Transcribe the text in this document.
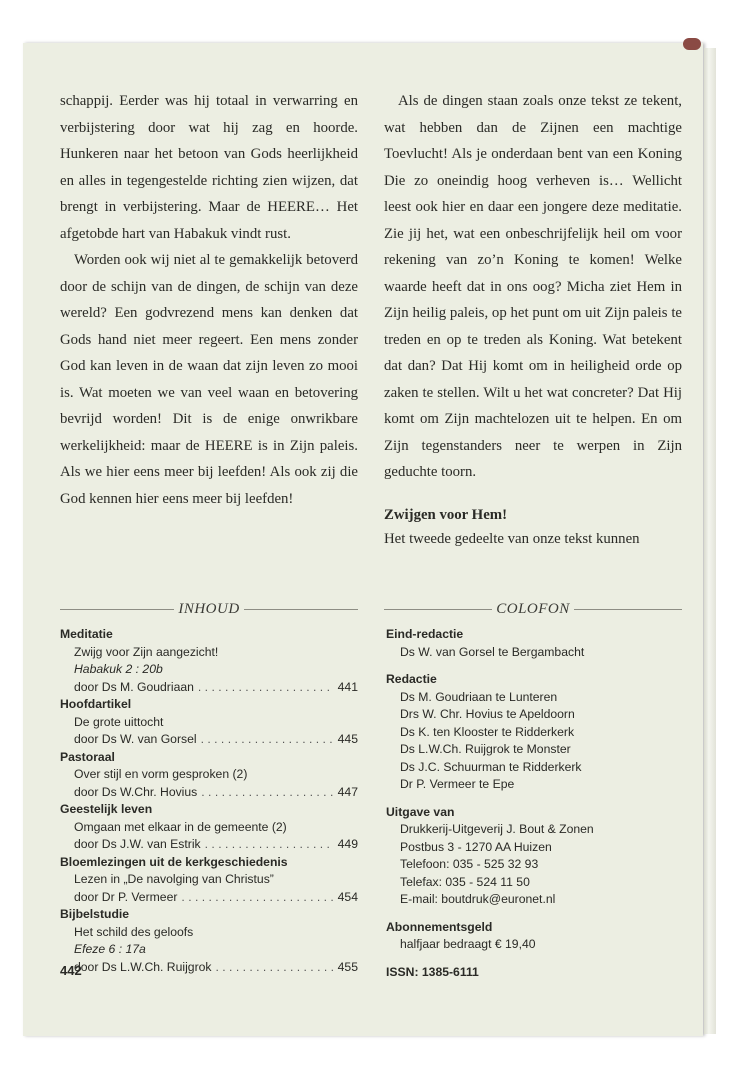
schappij. Eerder was hij totaal in verwarring en verbijstering door wat hij zag en hoorde. Hunkeren naar het betoon van Gods heerlijkheid en alles in tegengestelde richting zien wijzen, dat brengt in verbijstering. Maar de HEERE… Het afgetobde hart van Habakuk vindt rust.

Worden ook wij niet al te gemakkelijk betoverd door de schijn van de dingen, de schijn van deze wereld? Een godvrezend mens kan denken dat Gods hand niet meer regeert. Een mens zonder God kan leven in de waan dat zijn leven zo mooi is. Wat moeten we van veel waan en betovering bevrijd worden! Dit is de enige onwrikbare werkelijkheid: maar de HEERE is in Zijn paleis. Als we hier eens meer bij leefden! Als ook zij die God kennen hier eens meer bij leefden!

Als de dingen staan zoals onze tekst ze tekent, wat hebben dan de Zijnen een machtige Toevlucht! Als je onderdaan bent van een Koning Die zo oneindig hoog verheven is… Wellicht leest ook hier en daar een jongere deze meditatie. Zie jij het, wat een onbeschrijfelijk heil om voor rekening van zo’n Koning te komen! Welke waarde heeft dat in ons oog? Micha ziet Hem in Zijn heilig paleis, op het punt om uit Zijn paleis te treden en op te treden als Koning. Wat betekent dat dan? Dat Hij komt om in heiligheid orde op zaken te stellen. Wilt u het wat concreter? Dat Hij komt om Zijn machtelozen uit te helpen. En om Zijn tegenstanders neer te werpen in Zijn geduchte toorn.

Zwijgen voor Hem!

Het tweede gedeelte van onze tekst kunnen

INHOUD	COLOFON
Meditatie
Zwijg voor Zijn aangezicht!
Habakuk 2 : 20b
door Ds M. Goudriaan . . .	441
Hoofdartikel
De grote uittocht
door Ds W. van Gorsel . . .	445
Pastoraal
Over stijl en vorm gesproken (2)
door Ds W.Chr. Hovius . . .	447
Geestelijk leven
Omgaan met elkaar in de gemeente (2)
door Ds J.W. van Estrik . . .	449
Bloemlezingen uit de kerkgeschiedenis
Lezen in „De navolging van Christus”
door Dr P. Vermeer . . .	454
Bijbelstudie
Het schild des geloofs
Efeze 6 : 17a
door Ds L.W.Ch. Ruijgrok . . .	455
Eind-redactie
Ds W. van Gorsel te Bergambacht
Redactie
Ds M. Goudriaan te Lunteren
Drs W. Chr. Hovius te Apeldoorn
Ds K. ten Klooster te Ridderkerk
Ds L.W.Ch. Ruijgrok te Monster
Ds J.C. Schuurman te Ridderkerk
Dr P. Vermeer te Epe
Uitgave van
Drukkerij-Uitgeverij J. Bout & Zonen
Postbus 3 - 1270 AA Huizen
Telefoon: 035 - 525 32 93
Telefax: 035 - 524 11 50
E-mail: boutdruk@euronet.nl
Abonnementsgeld
halfjaar bedraagt € 19,40
ISSN: 1385-6111
442
